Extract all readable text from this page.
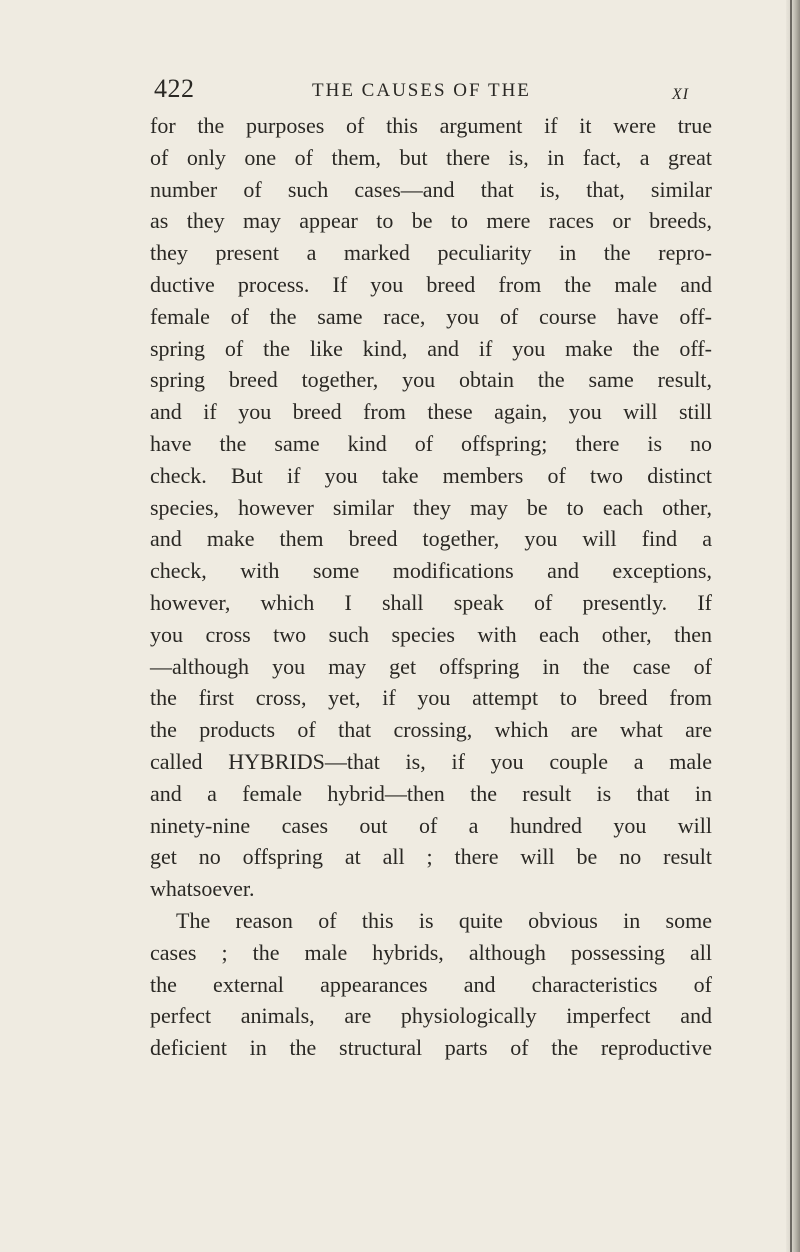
422	THE CAUSES OF THE	XI
for the purposes of this argument if it were true
of only one of them, but there is, in fact, a great
number of such cases—and that is, that, similar
as they may appear to be to mere races or breeds,
they present a marked peculiarity in the repro-
ductive process. If you breed from the male and
female of the same race, you of course have off-
spring of the like kind, and if you make the off-
spring breed together, you obtain the same result,
and if you breed from these again, you will still
have the same kind of offspring; there is no
check. But if you take members of two distinct
species, however similar they may be to each other,
and make them breed together, you will find a
check, with some modifications and exceptions,
however, which I shall speak of presently. If
you cross two such species with each other, then
—although you may get offspring in the case of
the first cross, yet, if you attempt to breed from
the products of that crossing, which are what are
called HYBRIDS—that is, if you couple a male
and a female hybrid—then the result is that in
ninety-nine cases out of a hundred you will
get no offspring at all ; there will be no result
whatsoever.
The reason of this is quite obvious in some
cases ; the male hybrids, although possessing all
the external appearances and characteristics of
perfect animals, are physiologically imperfect and
deficient in the structural parts of the reproductive
